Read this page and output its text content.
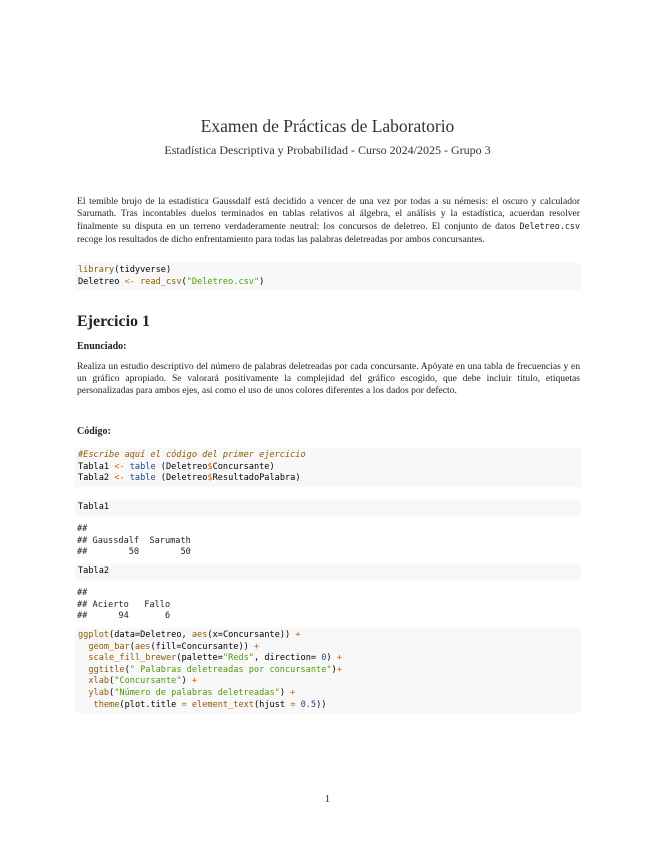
Examen de Prácticas de Laboratorio
Estadística Descriptiva y Probabilidad - Curso 2024/2025 - Grupo 3
El temible brujo de la estadística Gaussdalf está decidido a vencer de una vez por todas a su némesis: el oscuro y calculador Sarumath. Tras incontables duelos terminados en tablas relativos al álgebra, el análisis y la estadística, acuerdan resolver finalmente su disputa en un terreno verdaderamente neutral: los concursos de deletreo. El conjunto de datos Deletreo.csv recoge los resultados de dicho enfrentamiento para todas las palabras deletreadas por ambos concursantes.
library(tidyverse)
Deletreo <- read_csv("Deletreo.csv")
Ejercicio 1
Enunciado:
Realiza un estudio descriptivo del número de palabras deletreadas por cada concursante. Apóyate en una tabla de frecuencias y en un gráfico apropiado. Se valorará positivamente la complejidad del gráfico escogido, que debe incluir título, etiquetas personalizadas para ambos ejes, así como el uso de unos colores diferentes a los dados por defecto.
Código:
#Escribe aquí el código del primer ejercicio
Tabla1 <- table (Deletreo$Concursante)
Tabla2 <- table (Deletreo$ResultadoPalabra)
Tabla1
##
## Gaussdalf  Sarumath
##        50        50
Tabla2
##
## Acierto   Fallo
##      94       6
ggplot(data=Deletreo, aes(x=Concursante)) +
geom_bar(aes(fill=Concursante)) +
scale_fill_brewer(palette="Reds", direction= 0) +
ggtitle(" Palabras deletreadas por concursante")+
xlab("Concursante") +
ylab("Número de palabras deletreadas") +
theme(plot.title = element_text(hjust = 0.5))
1
